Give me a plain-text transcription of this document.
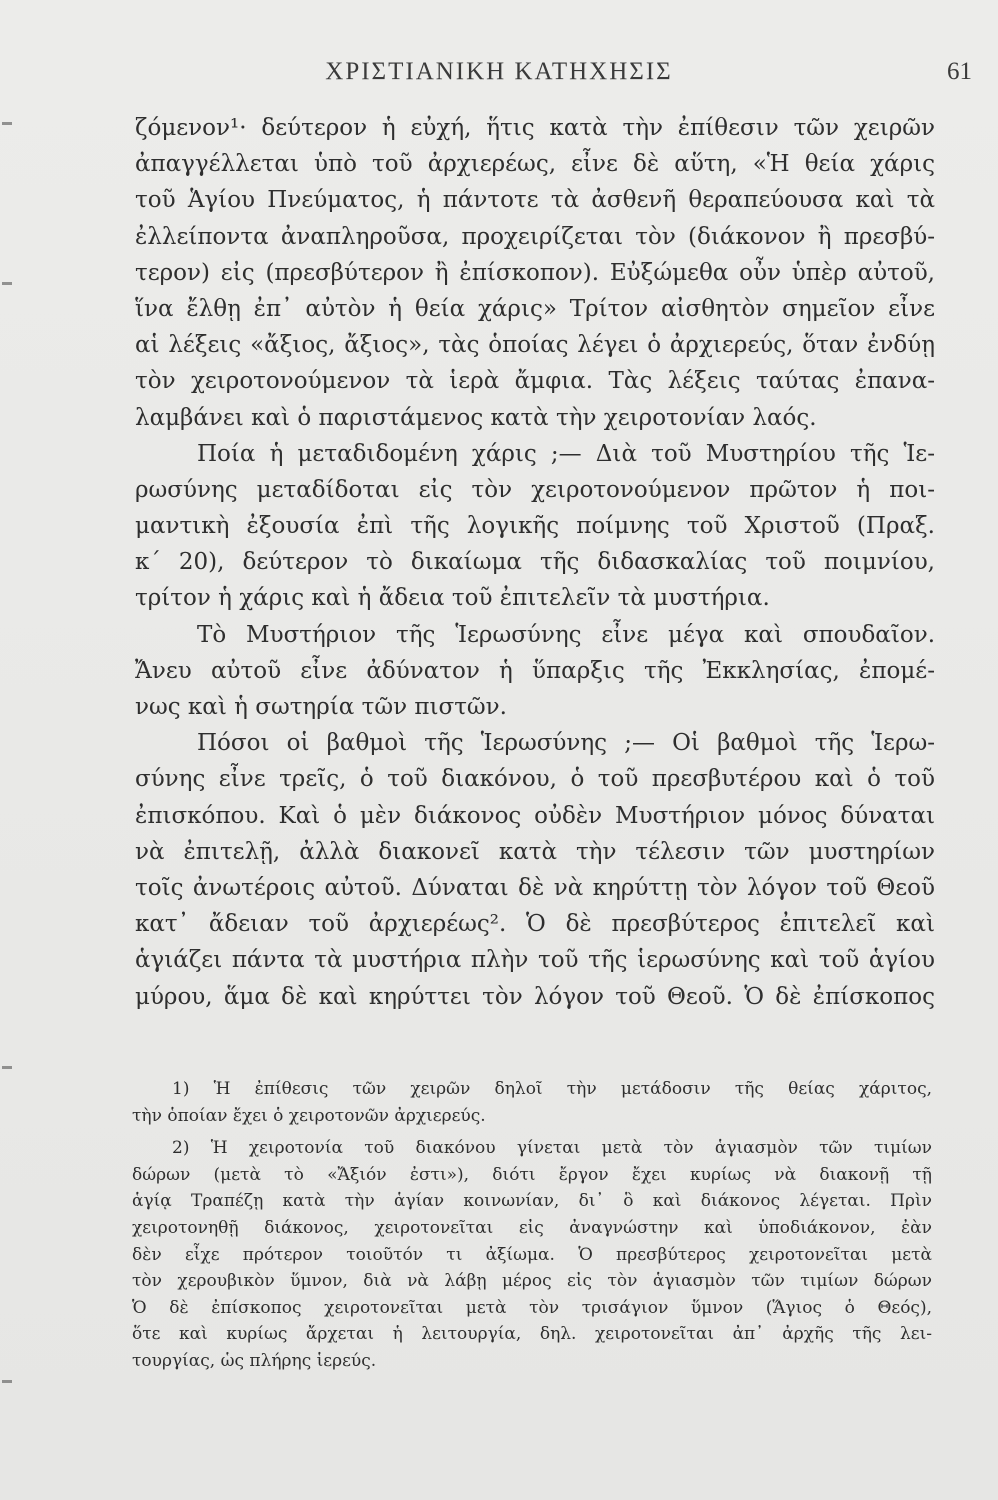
ΧΡΙΣΤΙΑΝΙΚΗ ΚΑΤΗΧΗΣΙΣ	61
ζόμενον¹· δεύτερον ἡ εὐχή, ἥτις κατὰ τὴν ἐπίθεσιν τῶν χειρῶν
ἀπαγγέλλεται ὑπὸ τοῦ ἀρχιερέως, εἶνε δὲ αὕτη, «Ἡ θεία χάρις
τοῦ Ἁγίου Πνεύματος, ἡ πάντοτε τὰ ἀσθενῆ θεραπεύουσα καὶ τὰ
ἐλλείποντα ἀναπληροῦσα, προχειρίζεται τὸν (διάκονον ἢ πρεσβύ-
τερον) εἰς (πρεσβύτερον ἢ ἐπίσκοπον). Εὐξώμεθα οὖν ὑπὲρ αὐτοῦ,
ἵνα ἔλθῃ ἐπ᾽ αὐτὸν ἡ θεία χάρις» Τρίτον αἰσθητὸν σημεῖον εἶνε
αἱ λέξεις «ἄξιος, ἄξιος», τὰς ὁποίας λέγει ὁ ἀρχιερεύς, ὅταν ἐνδύῃ
τὸν χειροτονούμενον τὰ ἱερὰ ἄμφια. Τὰς λέξεις ταύτας ἐπανα-
λαμβάνει καὶ ὁ παριστάμενος κατὰ τὴν χειροτονίαν λαός.
Ποία ἡ μεταδιδομένη χάρις ;— Διὰ τοῦ Μυστηρίου τῆς Ἱε-
ρωσύνης μεταδίδοται εἰς τὸν χειροτονούμενον πρῶτον ἡ ποι-
μαντικὴ ἐξουσία ἐπὶ τῆς λογικῆς ποίμνης τοῦ Χριστοῦ (Πραξ.
κ΄ 20), δεύτερον τὸ δικαίωμα τῆς διδασκαλίας τοῦ ποιμνίου,
τρίτον ἡ χάρις καὶ ἡ ἄδεια τοῦ ἐπιτελεῖν τὰ μυστήρια.
Τὸ Μυστήριον τῆς Ἱερωσύνης εἶνε μέγα καὶ σπουδαῖον.
Ἄνευ αὐτοῦ εἶνε ἀδύνατον ἡ ὕπαρξις τῆς Ἐκκλησίας, ἐπομέ-
νως καὶ ἡ σωτηρία τῶν πιστῶν.
Πόσοι οἱ βαθμοὶ τῆς Ἱερωσύνης ;— Οἱ βαθμοὶ τῆς Ἱερω-
σύνης εἶνε τρεῖς, ὁ τοῦ διακόνου, ὁ τοῦ πρεσβυτέρου καὶ ὁ τοῦ
ἐπισκόπου. Καὶ ὁ μὲν διάκονος οὐδὲν Μυστήριον μόνος δύναται
νὰ ἐπιτελῇ, ἀλλὰ διακονεῖ κατὰ τὴν τέλεσιν τῶν μυστηρίων
τοῖς ἀνωτέροις αὐτοῦ. Δύναται δὲ νὰ κηρύττῃ τὸν λόγον τοῦ Θεοῦ
κατ᾽ ἄδειαν τοῦ ἀρχιερέως². Ὁ δὲ πρεσβύτερος ἐπιτελεῖ καὶ
ἁγιάζει πάντα τὰ μυστήρια πλὴν τοῦ τῆς ἱερωσύνης καὶ τοῦ ἁγίου
μύρου, ἅμα δὲ καὶ κηρύττει τὸν λόγον τοῦ Θεοῦ. Ὁ δὲ ἐπίσκοπος
1) Ἡ ἐπίθεσις τῶν χειρῶν δηλοῖ τὴν μετάδοσιν τῆς θείας χάριτος,
τὴν ὁποίαν ἔχει ὁ χειροτονῶν ἀρχιερεύς.
2) Ἡ χειροτονία τοῦ διακόνου γίνεται μετὰ τὸν ἁγιασμὸν τῶν τιμίων
δώρων (μετὰ τὸ «Ἄξιόν ἐστι»), διότι ἔργον ἔχει κυρίως νὰ διακονῇ τῇ
ἁγίᾳ Τραπέζῃ κατὰ τὴν ἁγίαν κοινωνίαν, δι᾽ ὃ καὶ διάκονος λέγεται. Πρὶν
χειροτονηθῇ διάκονος, χειροτονεῖται εἰς ἀναγνώστην καὶ ὑποδιάκονον, ἐὰν
δὲν εἶχε πρότερον τοιοῦτόν τι ἀξίωμα. Ὁ πρεσβύτερος χειροτονεῖται μετὰ
τὸν χερουβικὸν ὕμνον, διὰ νὰ λάβῃ μέρος εἰς τὸν ἁγιασμὸν τῶν τιμίων δώρων
Ὁ δὲ ἐπίσκοπος χειροτονεῖται μετὰ τὸν τρισάγιον ὕμνον (Ἅγιος ὁ Θεός),
ὅτε καὶ κυρίως ἄρχεται ἡ λειτουργία, δηλ. χειροτονεῖται ἀπ᾽ ἀρχῆς τῆς λει-
τουργίας, ὡς πλήρης ἱερεύς.
